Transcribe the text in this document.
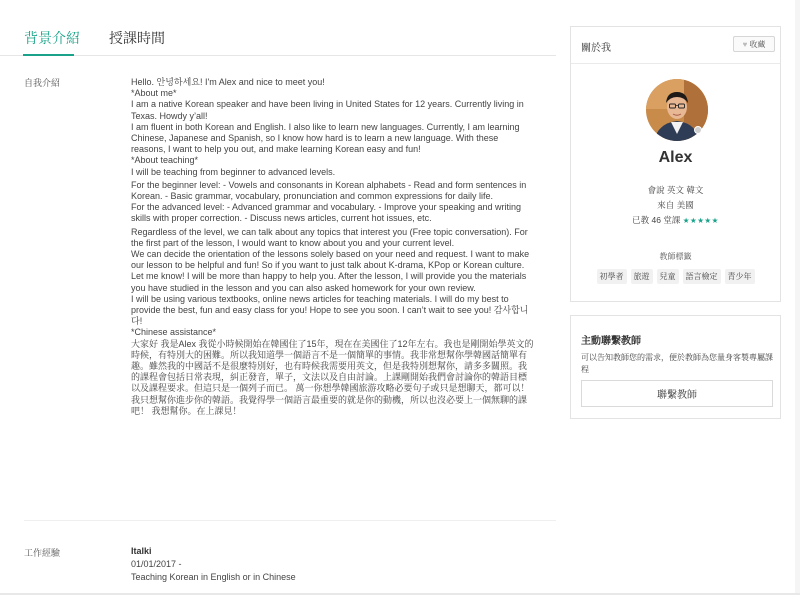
背景介紹 授課時間
自我介紹	Hello. 안녕하세요! I'm Alex and nice to meet you!

*About me*

I am a native Korean speaker and have been living in United States for 12 years. Currently living in Texas. Howdy y’all!

I am fluent in both Korean and English. I also like to learn new languages. Currently, I am learning Chinese, Japanese and Spanish, so I know how hard is to learn a new language. With these reasons, I want to help you out, and make learning Korean easy and fun!

*About teaching*

I will be teaching from beginner to advanced levels.

For the beginner level: - Vowels and consonants in Korean alphabets - Read and form sentences in Korean. - Basic grammar, vocabulary, pronunciation and common expressions for daily life.

For the advanced level: - Advanced grammar and vocabulary. - Improve your speaking and writing skills with proper correction. - Discuss news articles, current hot issues, etc.

Regardless of the level, we can talk about any topics that interest you (Free topic conversation). For the first part of the lesson, I would want to know about you and your current level.

We can decide the orientation of the lessons solely based on your need and request. I want to make our lesson to be helpful and fun! So if you want to just talk about K-drama, KPop or Korean culture. Let me know! I will be more than happy to help you. After the lesson, I will provide you the materials you have studied in the lesson and you can also asked homework for your own review.

I will be using various textbooks, online news articles for teaching materials. I will do my best to provide the best, fun and easy class for you! Hope to see you soon. I can’t wait to see you! 감사합니다!

*Chinese assistance*

大家好 我是Alex 我從小時候開始在韓國住了15年，現在在美國住了12年左右。我也是剛開始學英文的時候，有特別大的困難。所以我知道學一個語言不是一個簡單的事情。我非常想幫你學韓國話簡單有趣。雖然我的中國話不是很麼特別好，也有時候我需要用英文，但是我特別想幫你，請多多關照。我的課程會包括日常表現，糾正發音，單子，文法以及自由討論。上課剛開始我們會討論你的韓語目標以及課程要求。但這只是一個列子而已。 萬一你想學韓國旅游攻略必要句子或只是想聊天，都可以！我只想幫你進步你的韓語。我覺得學一個語言最重要的就是你的動機，所以也沒必要上一個無聊的課吧！ 我想幫你。在上課見！

工作經驗	Italki
01/01/2017 -
Teaching Korean in English or in Chinese
關於我	♥ 收藏
Alex
會說 英文 韓文
來自 美國
已教 46 堂課 ★★★★★
教師標籤
初學者	旅遊	兒童	語言檢定	青少年
主動聯繫教師
可以告知教師您的需求，便於教師為您量身客製專屬課程
聯繫教師
